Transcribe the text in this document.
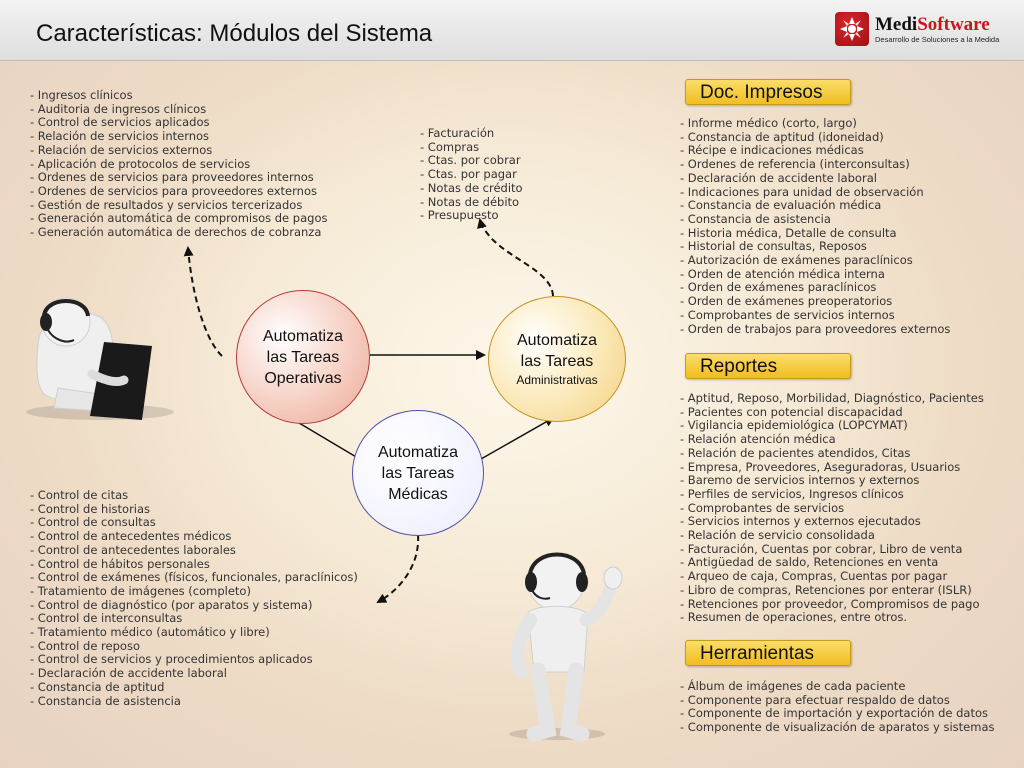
Características: Módulos del Sistema	MediSoftware
Desarrollo de Soluciones a la Medida
- Ingresos clínicos
- Auditoria de ingresos clínicos
- Control de servicios aplicados
- Relación de servicios internos
- Relación de servicios externos
- Aplicación de protocolos de servicios
- Ordenes de servicios para proveedores internos
- Ordenes de servicios para proveedores externos
- Gestión de resultados y servicios tercerizados
- Generación automática de compromisos de pagos
- Generación automática de derechos de cobranza
- Facturación
- Compras
- Ctas. por cobrar
- Ctas. por pagar
- Notas de crédito
- Notas de débito
- Presupuesto
- Control de citas
- Control de historias
- Control de consultas
- Control de antecedentes médicos
- Control de antecedentes laborales
- Control de hábitos personales
- Control de exámenes (físicos, funcionales, paraclínicos)
- Tratamiento de imágenes (completo)
- Control de diagnóstico (por aparatos y sistema)
- Control de interconsultas
- Tratamiento médico (automático y libre)
- Control de reposo
- Control de servicios y procedimientos aplicados
- Declaración de accidente laboral
- Constancia de aptitud
- Constancia de asistencia
- Informe médico (corto, largo)
- Constancia de aptitud (idoneidad)
- Récipe e indicaciones médicas
- Ordenes de referencia (interconsultas)
- Declaración de accidente laboral
- Indicaciones para unidad de observación
- Constancia de evaluación médica
- Constancia de asistencia
- Historia médica, Detalle de consulta
- Historial de consultas, Reposos
- Autorización de exámenes paraclínicos
- Orden de atención médica interna
- Orden de exámenes paraclínicos
- Orden de exámenes preoperatorios
- Comprobantes de servicios internos
- Orden de trabajos para proveedores externos
- Aptitud, Reposo, Morbilidad, Diagnóstico, Pacientes
- Pacientes con potencial discapacidad
- Vigilancia epidemiológica (LOPCYMAT)
- Relación atención médica
- Relación de pacientes atendidos, Citas
- Empresa, Proveedores, Aseguradoras, Usuarios
- Baremo de servicios internos y externos
- Perfiles de servicios, Ingresos clínicos
- Comprobantes de servicios
- Servicios internos y externos ejecutados
- Relación de servicio consolidada
- Facturación, Cuentas por cobrar, Libro de venta
- Antigüedad de saldo, Retenciones en venta
- Arqueo de caja, Compras, Cuentas por pagar
- Libro de compras, Retenciones por enterar (ISLR)
- Retenciones por proveedor, Compromisos de pago
- Resumen de operaciones, entre otros.
- Álbum de imágenes de cada paciente
- Componente para efectuar respaldo de datos
- Componente de importación y exportación de datos
- Componente de visualización de aparatos y sistemas
Doc. Impresos
Reportes
Herramientas
Automatiza
las Tareas
Operativas
Automatiza
las Tareas
Administrativas
Automatiza
las Tareas
Médicas
